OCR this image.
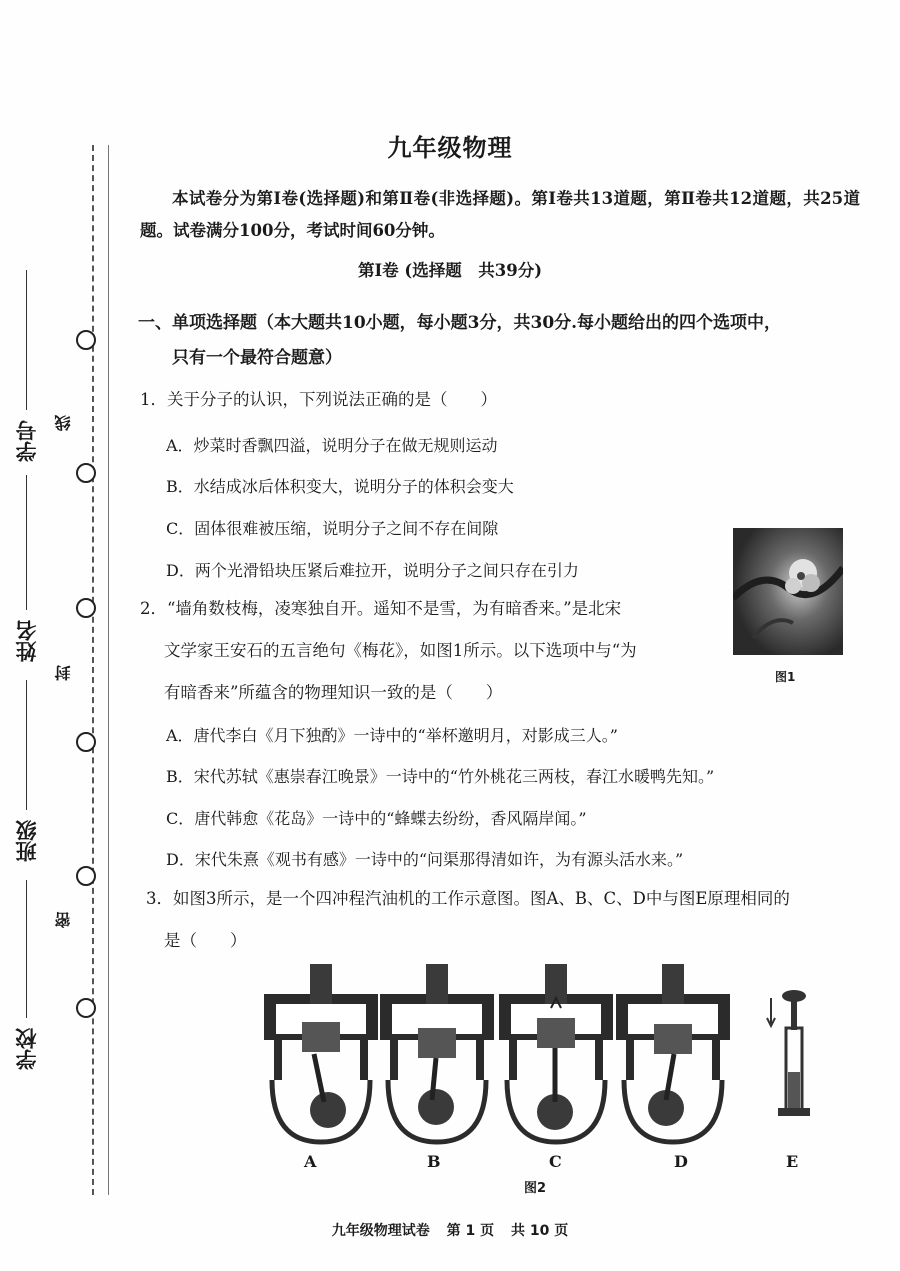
学号
姓名
班级
学校
线
封
密
九年级物理
本试卷分为第Ⅰ卷(选择题)和第Ⅱ卷(非选择题)。第Ⅰ卷共13道题，第Ⅱ卷共12道题，共25道题。试卷满分100分，考试时间60分钟。
第Ⅰ卷 (选择题　共39分)
一、单项选择题（本大题共10小题，每小题3分，共30分.每小题给出的四个选项中，
只有一个最符合题意）
1．关于分子的认识，下列说法正确的是（　　）
A．炒菜时香飘四溢，说明分子在做无规则运动
B．水结成冰后体积变大，说明分子的体积会变大
C．固体很难被压缩，说明分子之间不存在间隙
D．两个光滑铅块压紧后难拉开，说明分子之间只存在引力
图1
2．“墙角数枝梅，凌寒独自开。遥知不是雪，为有暗香来。”是北宋
文学家王安石的五言绝句《梅花》，如图1所示。以下选项中与“为
有暗香来”所蕴含的物理知识一致的是（　　）
A．唐代李白《月下独酌》一诗中的“举杯邀明月，对影成三人。”
B．宋代苏轼《惠崇春江晚景》一诗中的“竹外桃花三两枝，春江水暖鸭先知。”
C．唐代韩愈《花岛》一诗中的“蜂蝶去纷纷，香风隔岸闻。”
D．宋代朱熹《观书有感》一诗中的“问渠那得清如许，为有源头活水来。”
3．如图3所示，是一个四冲程汽油机的工作示意图。图A、B、C、D中与图E原理相同的
是（　　）
A	B	C	D	E
图2
九年级物理试卷 第 1 页 共 10 页
